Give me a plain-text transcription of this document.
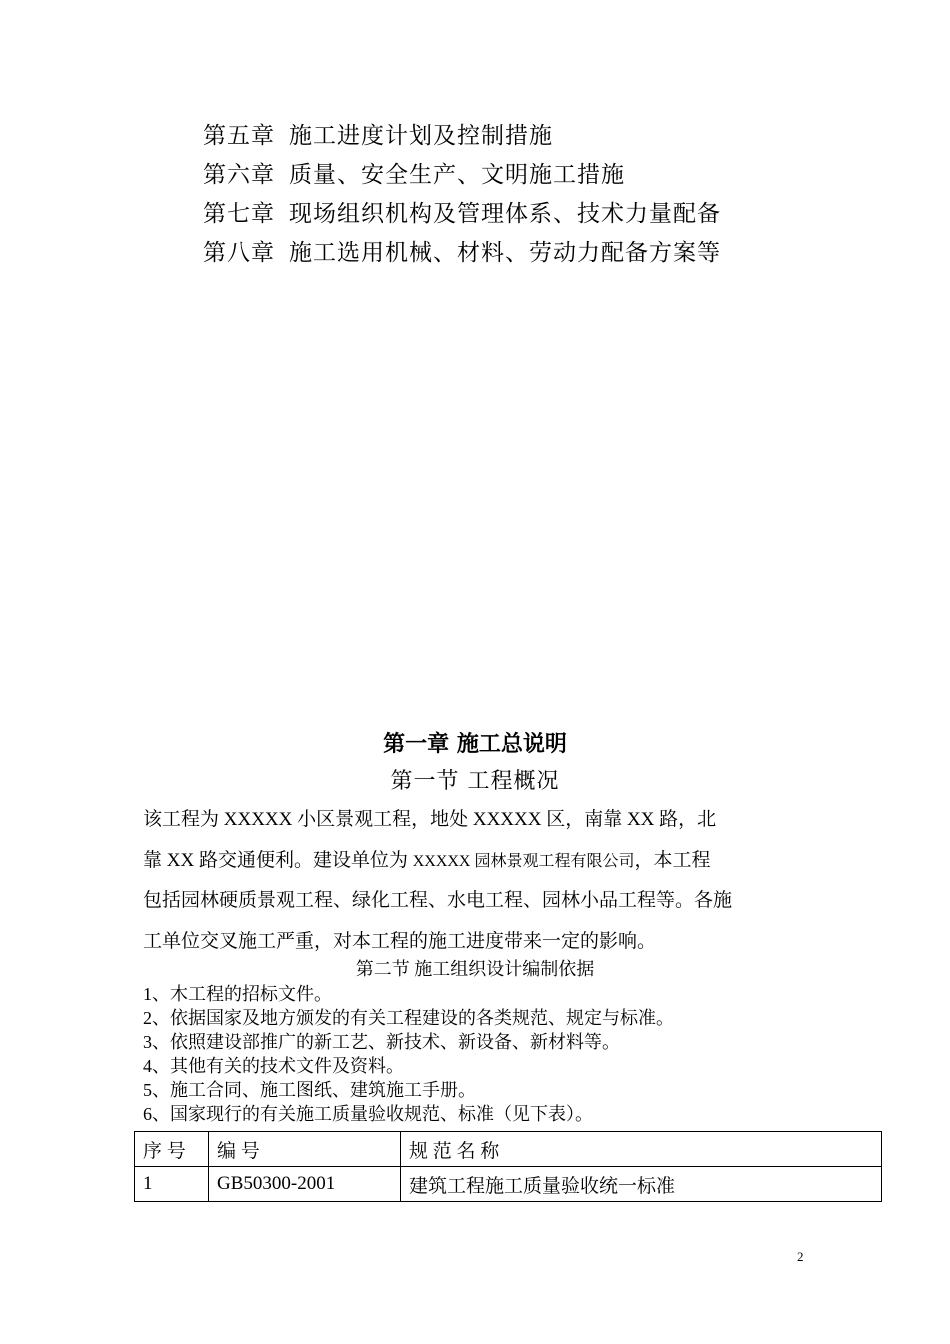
第五章 施工进度计划及控制措施
第六章 质量、安全生产、文明施工措施
第七章 现场组织机构及管理体系、技术力量配备
第八章 施工选用机械、材料、劳动力配备方案等
第一章 施工总说明
第一节 工程概况
该工程为 XXXXX 小区景观工程，地处 XXXXX 区，南靠 XX 路，北
靠 XX 路交通便利。建设单位为 XXXXX 园林景观工程有限公司，本工程
包括园林硬质景观工程、绿化工程、水电工程、园林小品工程等。各施
工单位交叉施工严重，对本工程的施工进度带来一定的影响。
第二节 施工组织设计编制依据
1、木工程的招标文件。
2、依据国家及地方颁发的有关工程建设的各类规范、规定与标准。
3、依照建设部推广的新工艺、新技术、新设备、新材料等。
4、其他有关的技术文件及资料。
5、施工合同、施工图纸、建筑施工手册。
6、国家现行的有关施工质量验收规范、标准（见下表）。
序 号	编 号	规 范 名 称
1	GB50300-2001	建筑工程施工质量验收统一标准
2
